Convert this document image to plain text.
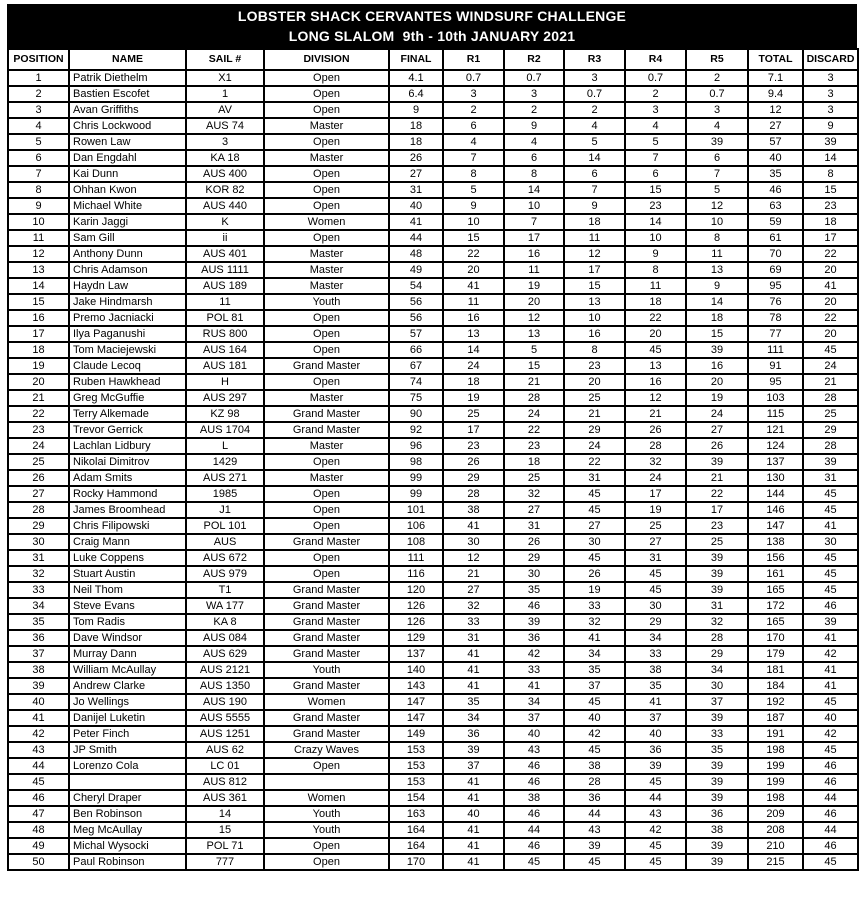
LOBSTER SHACK CERVANTES WINDSURF CHALLENGE
LONG SLALOM  9th - 10th JANUARY 2021
POSITION	NAME	SAIL #	DIVISION	FINAL	R1	R2	R3	R4	R5	TOTAL	DISCARD
1	Patrik Diethelm	X1	Open	4.1	0.7	0.7	3	0.7	2	7.1	3
2	Bastien Escofet	1	Open	6.4	3	3	0.7	2	0.7	9.4	3
3	Avan Griffiths	AV	Open	9	2	2	2	3	3	12	3
4	Chris Lockwood	AUS 74	Master	18	6	9	4	4	4	27	9
5	Rowen Law	3	Open	18	4	4	5	5	39	57	39
6	Dan Engdahl	KA 18	Master	26	7	6	14	7	6	40	14
7	Kai Dunn	AUS 400	Open	27	8	8	6	6	7	35	8
8	Ohhan Kwon	KOR 82	Open	31	5	14	7	15	5	46	15
9	Michael White	AUS 440	Open	40	9	10	9	23	12	63	23
10	Karin Jaggi	K	Women	41	10	7	18	14	10	59	18
11	Sam Gill	ii	Open	44	15	17	11	10	8	61	17
12	Anthony Dunn	AUS 401	Master	48	22	16	12	9	11	70	22
13	Chris Adamson	AUS 1111	Master	49	20	11	17	8	13	69	20
14	Haydn Law	AUS 189	Master	54	41	19	15	11	9	95	41
15	Jake Hindmarsh	11	Youth	56	11	20	13	18	14	76	20
16	Premo Jacniacki	POL 81	Open	56	16	12	10	22	18	78	22
17	Ilya Paganushi	RUS 800	Open	57	13	13	16	20	15	77	20
18	Tom Maciejewski	AUS 164	Open	66	14	5	8	45	39	111	45
19	Claude Lecoq	AUS 181	Grand Master	67	24	15	23	13	16	91	24
20	Ruben Hawkhead	H	Open	74	18	21	20	16	20	95	21
21	Greg McGuffie	AUS 297	Master	75	19	28	25	12	19	103	28
22	Terry Alkemade	KZ 98	Grand Master	90	25	24	21	21	24	115	25
23	Trevor Gerrick	AUS 1704	Grand Master	92	17	22	29	26	27	121	29
24	Lachlan Lidbury	L	Master	96	23	23	24	28	26	124	28
25	Nikolai Dimitrov	1429	Open	98	26	18	22	32	39	137	39
26	Adam Smits	AUS 271	Master	99	29	25	31	24	21	130	31
27	Rocky Hammond	1985	Open	99	28	32	45	17	22	144	45
28	James Broomhead	J1	Open	101	38	27	45	19	17	146	45
29	Chris Filipowski	POL 101	Open	106	41	31	27	25	23	147	41
30	Craig Mann	AUS	Grand Master	108	30	26	30	27	25	138	30
31	Luke Coppens	AUS 672	Open	111	12	29	45	31	39	156	45
32	Stuart Austin	AUS 979	Open	116	21	30	26	45	39	161	45
33	Neil Thom	T1	Grand Master	120	27	35	19	45	39	165	45
34	Steve Evans	WA 177	Grand Master	126	32	46	33	30	31	172	46
35	Tom Radis	KA 8	Grand Master	126	33	39	32	29	32	165	39
36	Dave Windsor	AUS 084	Grand Master	129	31	36	41	34	28	170	41
37	Murray Dann	AUS 629	Grand Master	137	41	42	34	33	29	179	42
38	William McAullay	AUS 2121	Youth	140	41	33	35	38	34	181	41
39	Andrew Clarke	AUS 1350	Grand Master	143	41	41	37	35	30	184	41
40	Jo Wellings	AUS 190	Women	147	35	34	45	41	37	192	45
41	Danijel Luketin	AUS 5555	Grand Master	147	34	37	40	37	39	187	40
42	Peter Finch	AUS 1251	Grand Master	149	36	40	42	40	33	191	42
43	JP Smith	AUS 62	Crazy Waves	153	39	43	45	36	35	198	45
44	Lorenzo Cola	LC 01	Open	153	37	46	38	39	39	199	46
45		AUS 812		153	41	46	28	45	39	199	46
46	Cheryl Draper	AUS 361	Women	154	41	38	36	44	39	198	44
47	Ben Robinson	14	Youth	163	40	46	44	43	36	209	46
48	Meg McAullay	15	Youth	164	41	44	43	42	38	208	44
49	Michal Wysocki	POL 71	Open	164	41	46	39	45	39	210	46
50	Paul Robinson	777	Open	170	41	45	45	45	39	215	45
